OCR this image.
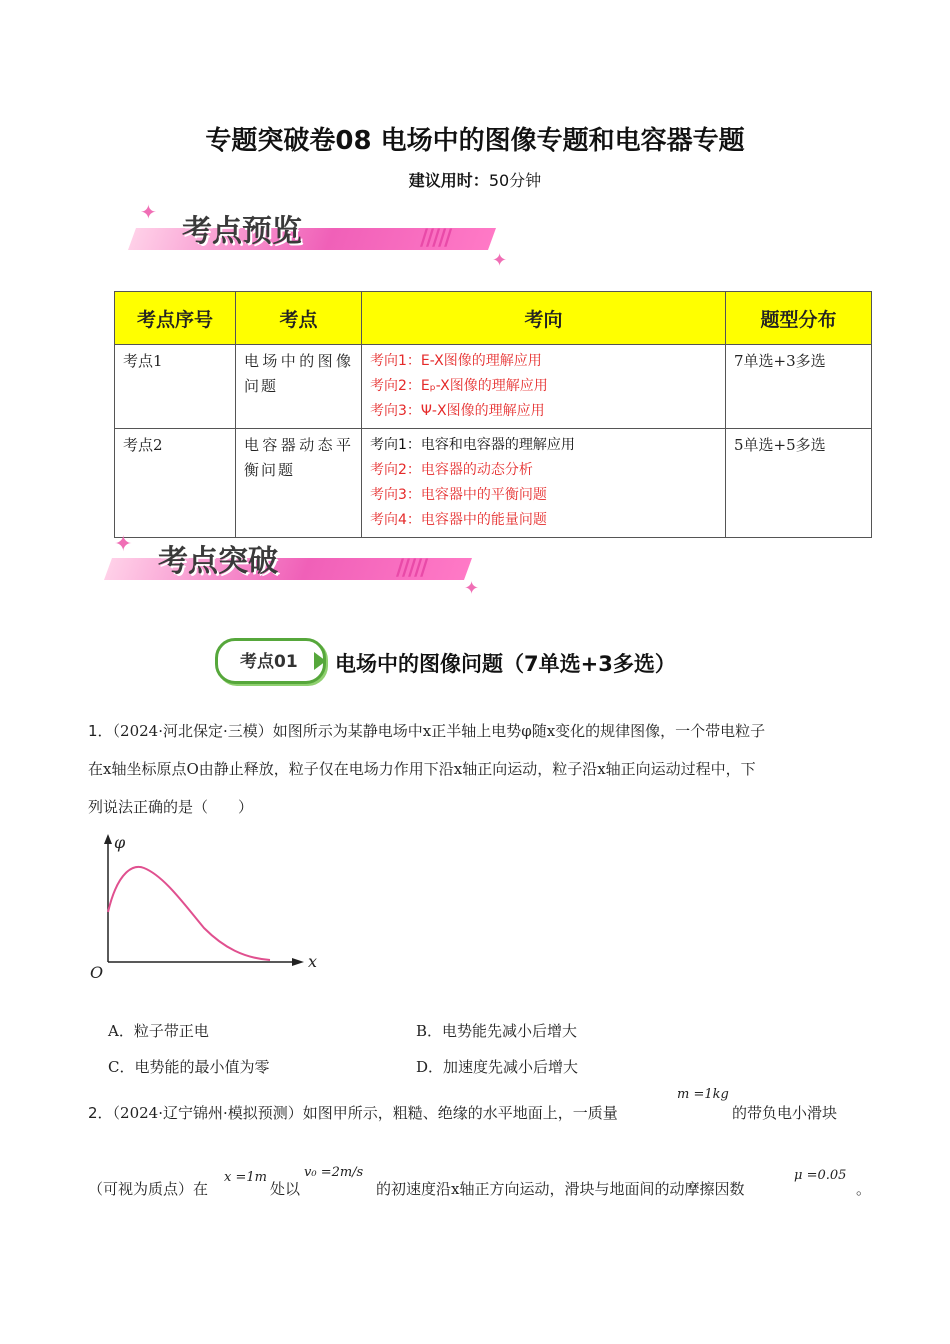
专题突破卷08 电场中的图像专题和电容器专题
建议用时：50分钟
✦
/////
考点预览
✦
考点序号	考点	考向	题型分布
考点1	电场中的图像问题	考向1：E-X图像的理解应用
考向2：Eₚ-X图像的理解应用
考向3：Ψ-X图像的理解应用	7单选+3多选
考点2	电容器动态平衡问题	考向1：电容和电容器的理解应用
考向2：电容器的动态分析
考向3：电容器中的平衡问题
考向4：电容器中的能量问题	5单选+5多选
✦
/////
考点突破
✦
考点01 电场中的图像问题（7单选+3多选）
1．（2024·河北保定·三模）如图所示为某静电场中x正半轴上电势φ随x变化的规律图像，一个带电粒子
在x轴坐标原点O由静止释放，粒子仅在电场力作用下沿x轴正向运动，粒子沿x轴正向运动过程中，下
列说法正确的是（　　）
φ
x
O
A．粒子带正电	B．电势能先减小后增大
C．电势能的最小值为零	D．加速度先减小后增大
2．（2024·辽宁锦州·模拟预测）如图甲所示，粗糙、绝缘的水平地面上，一质量
m =1kg
的带负电小滑块
（可视为质点）在
x =1m
处以
v₀ =2m/s
的初速度沿x轴正方向运动，滑块与地面间的动摩擦因数
μ =0.05
。
